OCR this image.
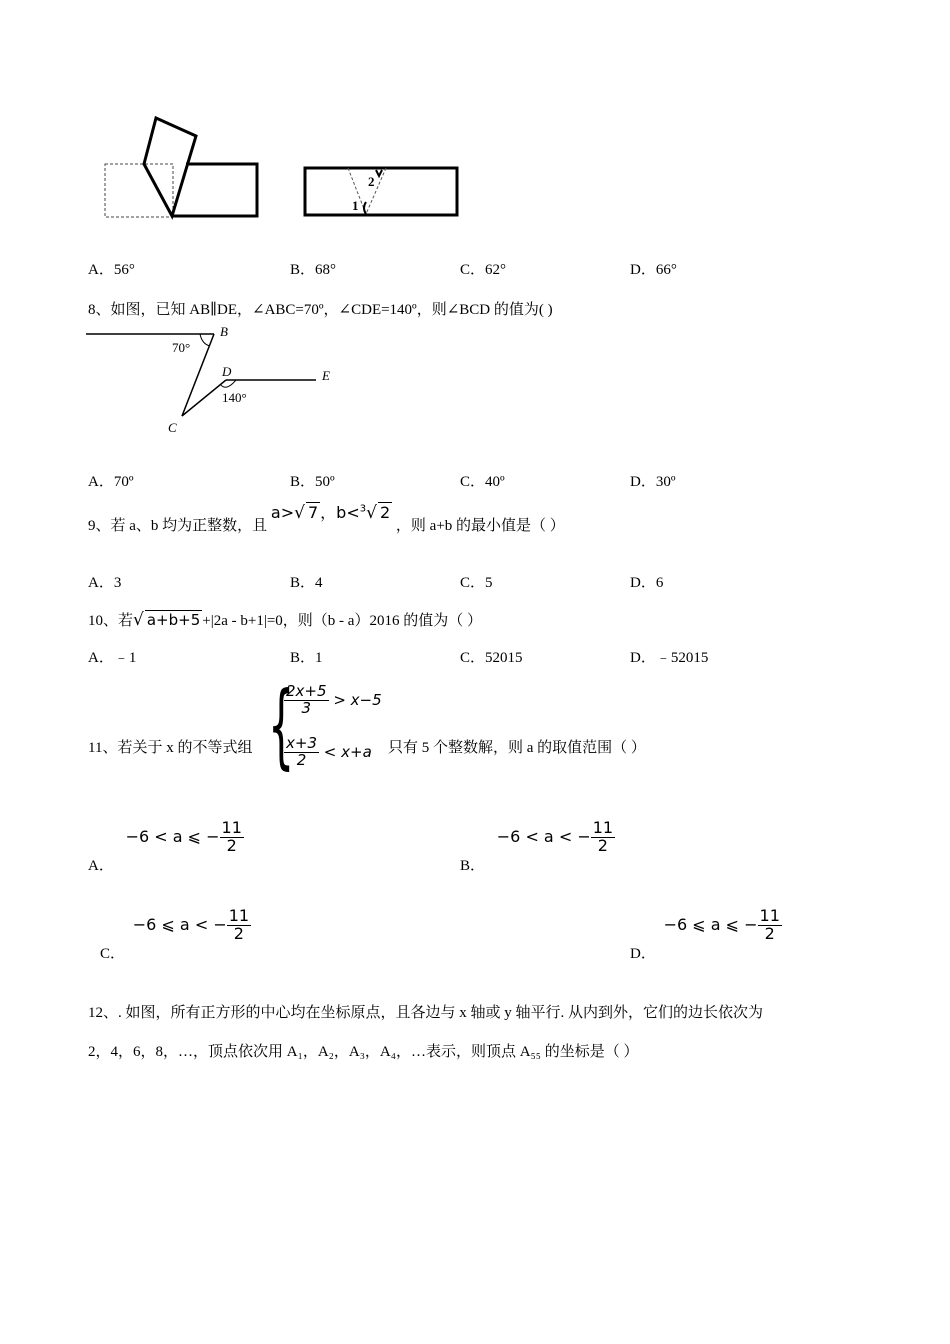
2
1
A．56°	B．68°	C．62°	D．66°
8、如图，已知 AB∥DE，∠ABC=70º，∠CDE=140º，则∠BCD 的值为( )
B
70°
D	E
140°
C
A．70º	B．50º	C．40º	D．30º
9、若 a、b 均为正整数，且 a>√ 7 ，b<$^3$√ 2 ，则 a+b 的最小值是（ ）
A．3	B．4	C．5	D．6
10、若√ a+b+5 +|2a - b+1|=0，则（b - a）2016 的值为（ ）
A．﹣1	B．1	C．52015	D．﹣52015
11、若关于 x 的不等式组 {
$\frac{2x+5}{3} > x-5$
$\frac{x+3}{2} < x+a$ 只有 5 个整数解，则 a 的取值范围（ ）
A． −6 < a ⩽ − $\frac{11}{2}$
B． −6 < a < − $\frac{11}{2}$
C． −6 ⩽ a < − $\frac{11}{2}$
D． −6 ⩽ a ⩽ − $\frac{11}{2}$
12、. 如图，所有正方形的中心均在坐标原点，且各边与 x 轴或 y 轴平行. 从内到外，它们的边长依次为
2，4，6，8，…，顶点依次用 A₁，A₂，A₃，A₄，…表示，则顶点 A₅₅ 的坐标是（ ）
